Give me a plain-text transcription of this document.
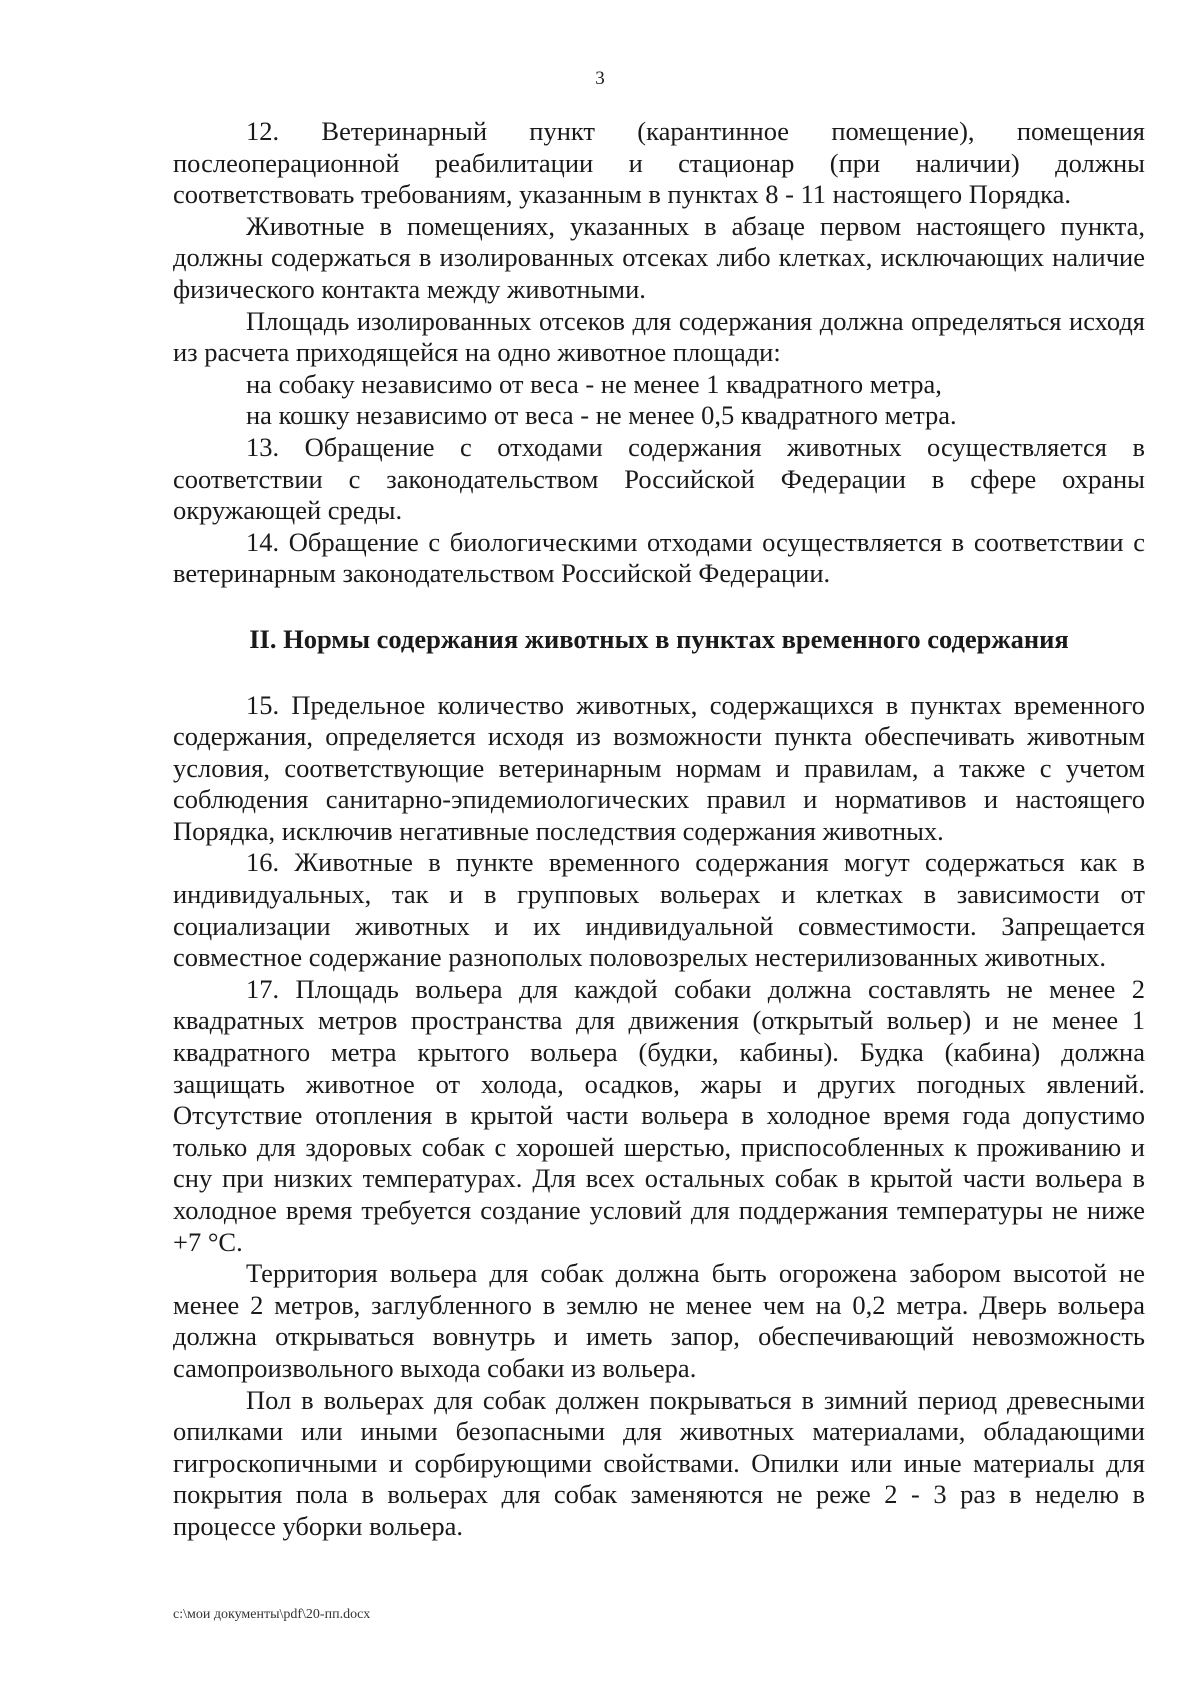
3

12. Ветеринарный пункт (карантинное помещение), помещения послеоперационной реабилитации и стационар (при наличии) должны соответствовать требованиям, указанным в пунктах 8 - 11 настоящего Порядка.

Животные в помещениях, указанных в абзаце первом настоящего пункта, должны содержаться в изолированных отсеках либо клетках, исключающих наличие физического контакта между животными.

Площадь изолированных отсеков для содержания должна определяться исходя из расчета приходящейся на одно животное площади:

на собаку независимо от веса - не менее 1 квадратного метра,

на кошку независимо от веса - не менее 0,5 квадратного метра.

13. Обращение с отходами содержания животных осуществляется в соответствии с законодательством Российской Федерации в сфере охраны окружающей среды.

14. Обращение с биологическими отходами осуществляется в соответствии с ветеринарным законодательством Российской Федерации.

II. Нормы содержания животных в пунктах временного содержания

15. Предельное количество животных, содержащихся в пунктах временного содержания, определяется исходя из возможности пункта обеспечивать животным условия, соответствующие ветеринарным нормам и правилам, а также с учетом соблюдения санитарно-эпидемиологических правил и нормативов и настоящего Порядка, исключив негативные последствия содержания животных.

16. Животные в пункте временного содержания могут содержаться как в индивидуальных, так и в групповых вольерах и клетках в зависимости от социализации животных и их индивидуальной совместимости. Запрещается совместное содержание разнополых половозрелых нестерилизованных животных.

17. Площадь вольера для каждой собаки должна составлять не менее 2 квадратных метров пространства для движения (открытый вольер) и не менее 1 квадратного метра крытого вольера (будки, кабины). Будка (кабина) должна защищать животное от холода, осадков, жары и других погодных явлений. Отсутствие отопления в крытой части вольера в холодное время года допустимо только для здоровых собак с хорошей шерстью, приспособленных к проживанию и сну при низких температурах. Для всех остальных собак в крытой части вольера в холодное время требуется создание условий для поддержания температуры не ниже +7 °С.

Территория вольера для собак должна быть огорожена забором высотой не менее 2 метров, заглубленного в землю не менее чем на 0,2 метра. Дверь вольера должна открываться вовнутрь и иметь запор, обеспечивающий невозможность самопроизвольного выхода собаки из вольера.

Пол в вольерах для собак должен покрываться в зимний период древесными опилками или иными безопасными для животных материалами, обладающими гигроскопичными и сорбирующими свойствами. Опилки или иные материалы для покрытия пола в вольерах для собак заменяются не реже 2 - 3 раз в неделю в процессе уборки вольера.

c:\мои документы\pdf\20-пп.docx
